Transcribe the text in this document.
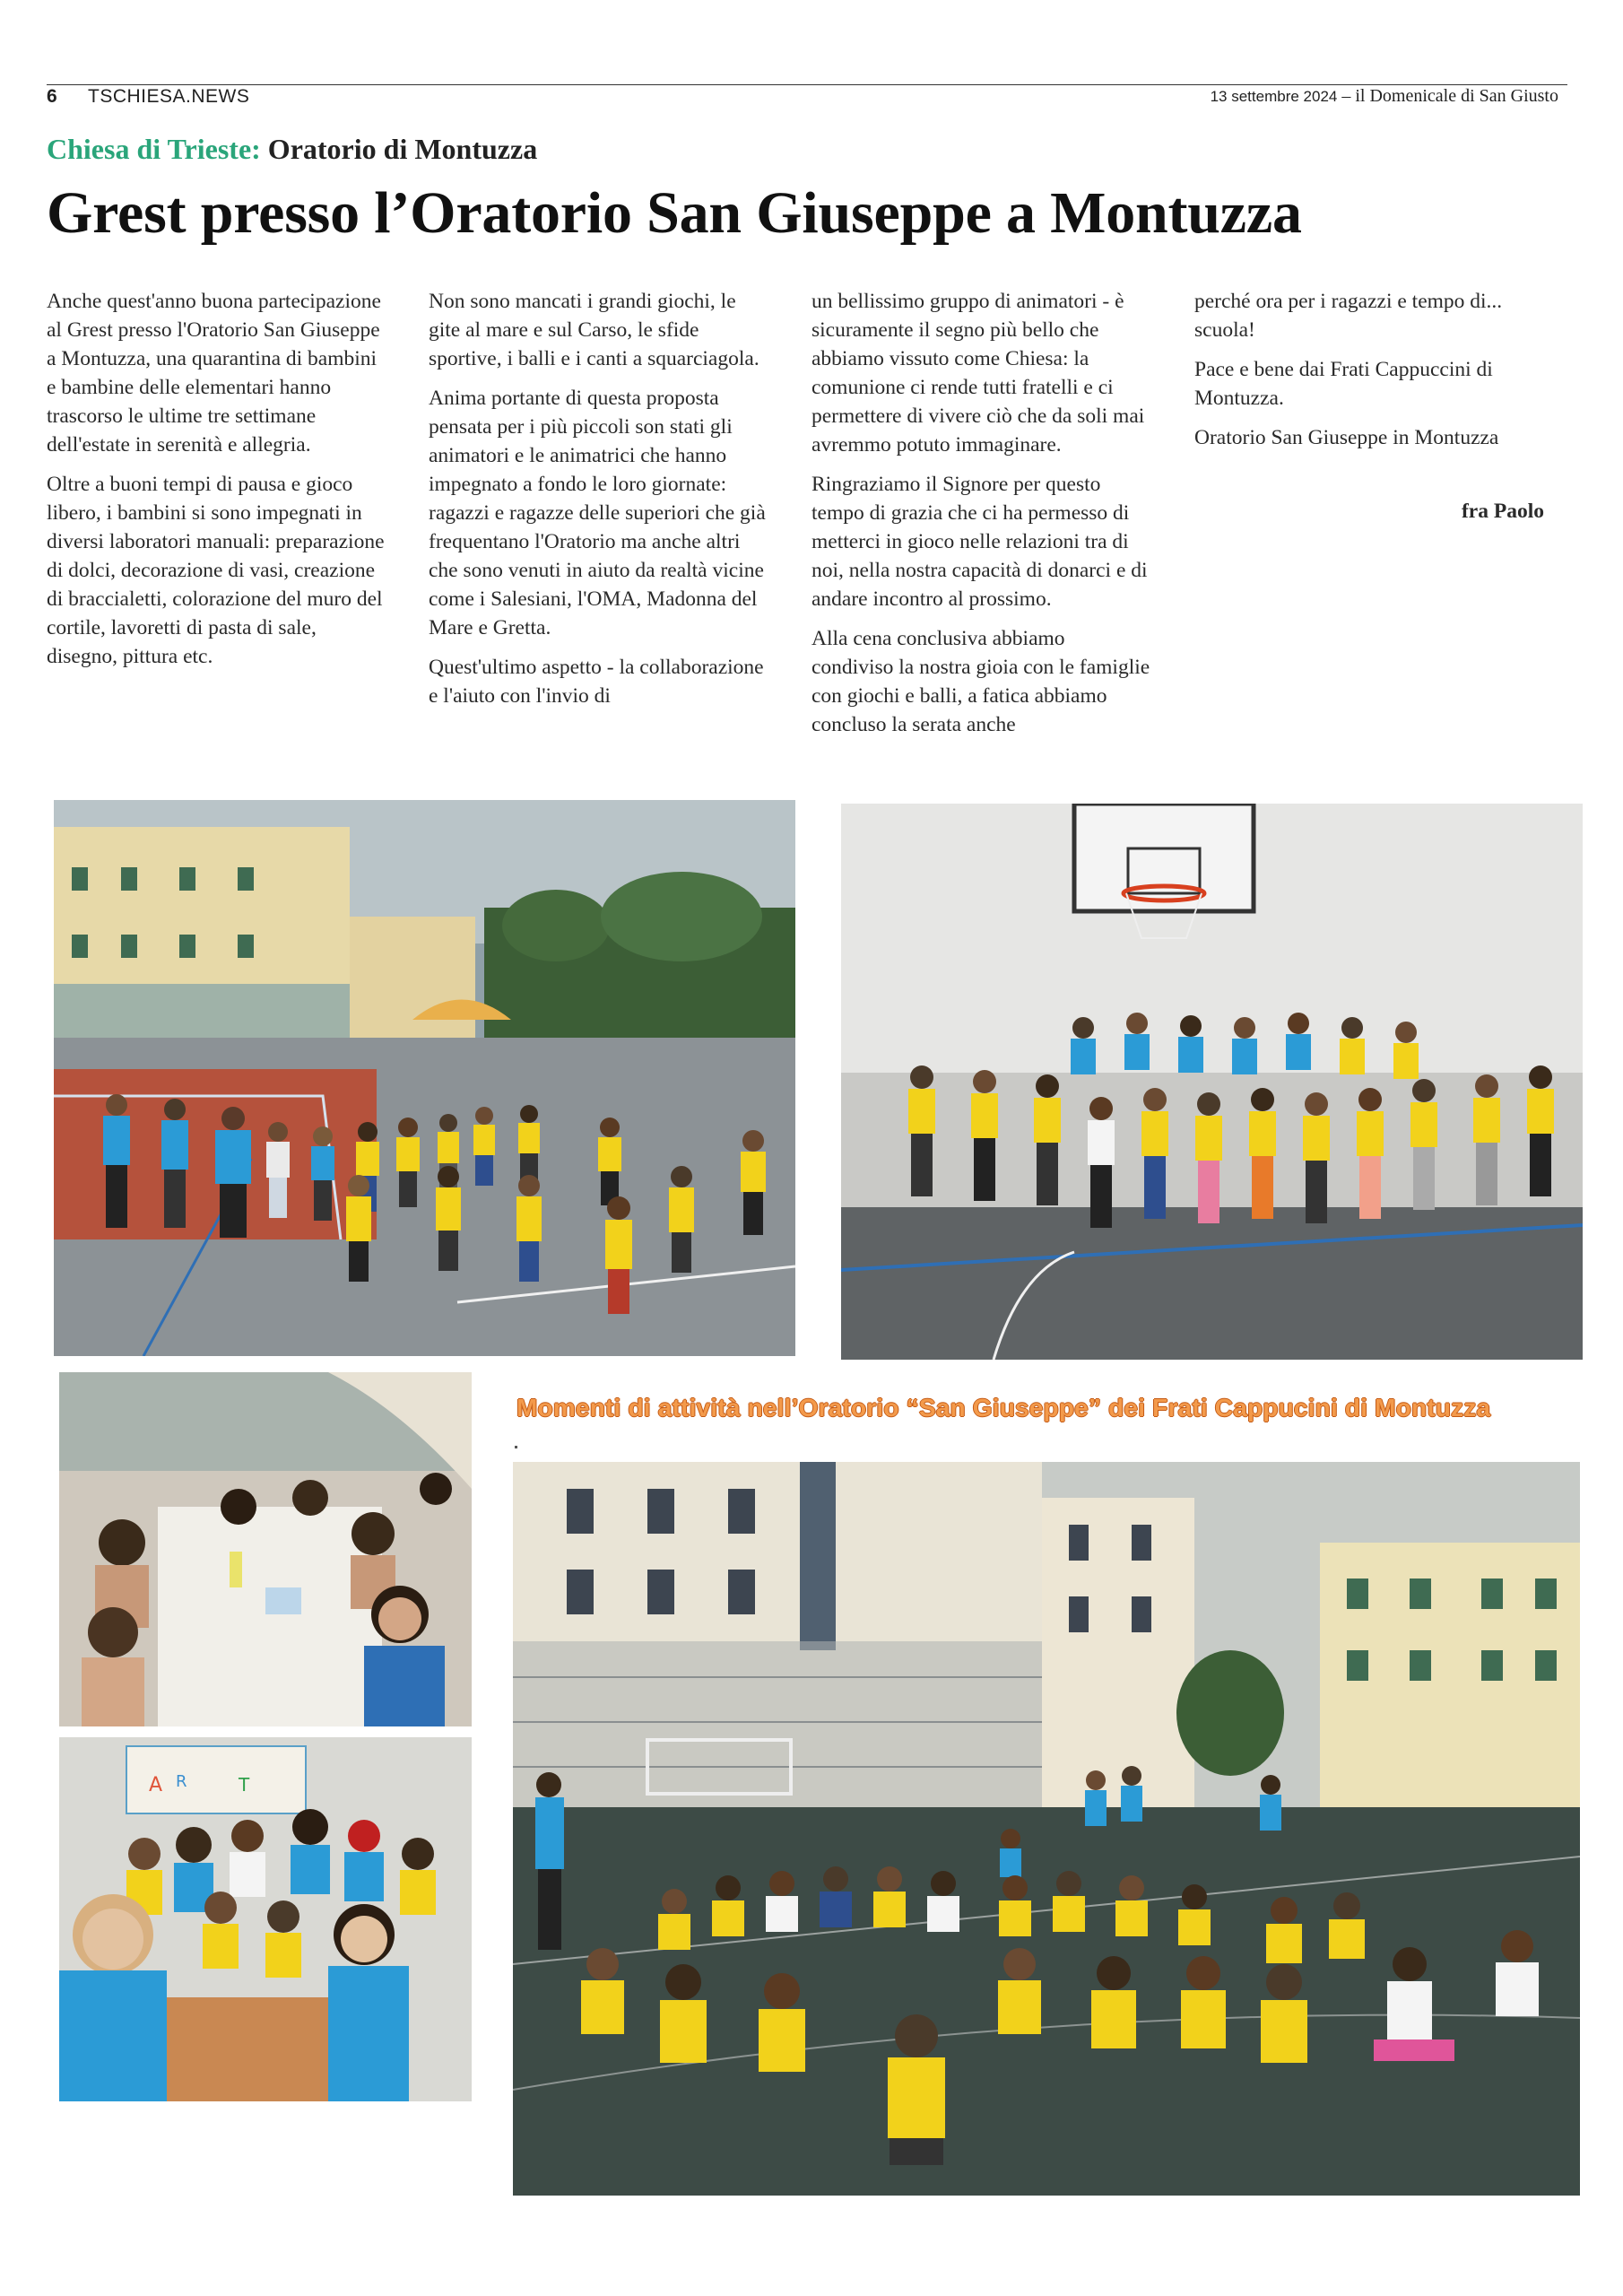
6 TSCHIESA.NEWS	13 settembre 2024 – il Domenicale di San Giusto
Chiesa di Trieste: Oratorio di Montuzza
Grest presso l’Oratorio San Giuseppe a Montuzza

Anche quest'anno buona partecipazione al Grest presso l'Oratorio San Giuseppe a Montuzza, una quarantina di bambini e bambine delle elementari hanno trascorso le ultime tre settimane dell'estate in serenità e allegria.

Oltre a buoni tempi di pausa e gioco libero, i bambini si sono impegnati in diversi laboratori manuali: preparazione di dolci, decorazione di vasi, creazione di braccialetti, colorazione del muro del cortile, lavoretti di pasta di sale, disegno, pittura etc.

Non sono mancati i grandi giochi, le gite al mare e sul Carso, le sfide sportive, i balli e i canti a squarciagola.

Anima portante di questa proposta pensata per i più piccoli son stati gli animatori e le animatrici che hanno impegnato a fondo le loro giornate: ragazzi e ragazze delle superiori che già frequentano l'Oratorio ma anche altri che sono venuti in aiuto da realtà vicine come i Salesiani, l'OMA, Madonna del Mare e Gretta.

Quest'ultimo aspetto - la collaborazione e l'aiuto con l'invio di

un bellissimo gruppo di animatori - è sicuramente il segno più bello che abbiamo vissuto come Chiesa: la comunione ci rende tutti fratelli e ci permettere di vivere ciò che da soli mai avremmo potuto immaginare.

Ringraziamo il Signore per questo tempo di grazia che ci ha permesso di metterci in gioco nelle relazioni tra di noi, nella nostra capacità di donarci e di andare incontro al prossimo.

Alla cena conclusiva abbiamo condiviso la nostra gioia con le famiglie con giochi e balli, a fatica abbiamo concluso la serata anche

perché ora per i ragazzi e tempo di... scuola!

Pace e bene dai Frati Cappuccini di Montuzza.

Oratorio San Giuseppe in Montuzza

fra Paolo

A R	T
Momenti di attività nell’Oratorio “San Giuseppe” dei Frati Cappucini di Montuzza
